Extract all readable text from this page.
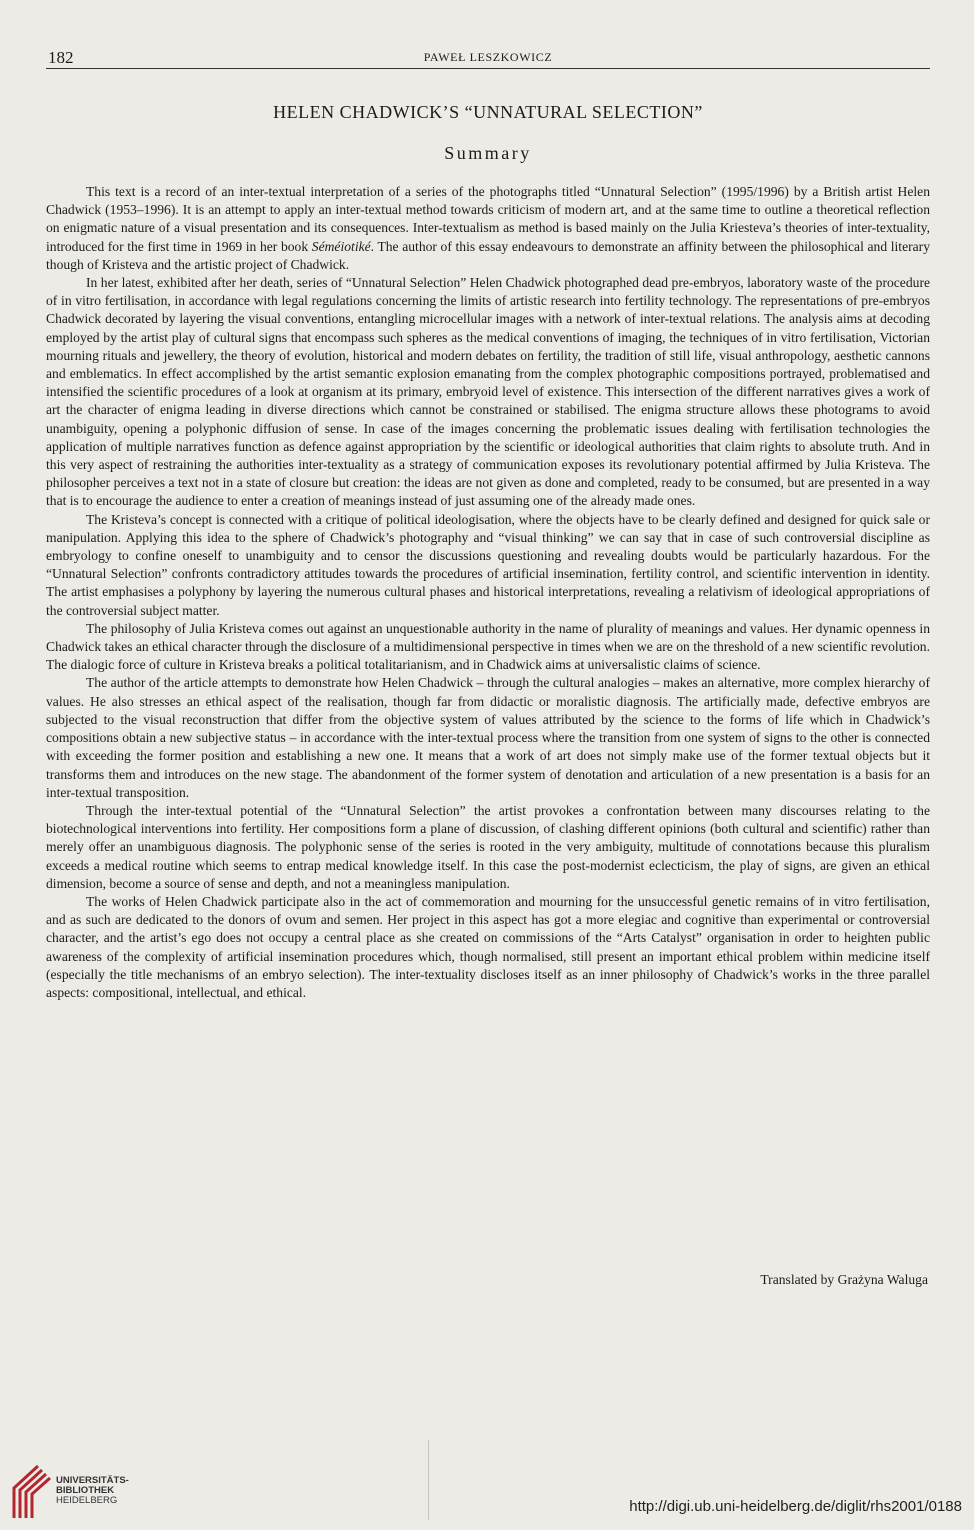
182	PAWEŁ LESZKOWICZ
HELEN CHADWICK’S “UNNATURAL SELECTION”
Summary

This text is a record of an inter-textual interpretation of a series of the photographs titled “Unnatural Selection” (1995/1996) by a British artist Helen Chadwick (1953–1996). It is an attempt to apply an inter-textual method towards criticism of modern art, and at the same time to outline a theoretical reflection on enigmatic nature of a visual presentation and its consequences. Inter-textualism as method is based mainly on the Julia Kriesteva’s theories of inter-textuality, introduced for the first time in 1969 in her book Séméiotiké. The author of this essay endeavours to demonstrate an affinity between the philosophical and literary though of Kristeva and the artistic project of Chadwick.

In her latest, exhibited after her death, series of “Unnatural Selection” Helen Chadwick photographed dead pre-embryos, laboratory waste of the procedure of in vitro fertilisation, in accordance with legal regulations concerning the limits of artistic research into fertility technology. The representations of pre-embryos Chadwick decorated by layering the visual conventions, entangling microcellular images with a network of inter-textual relations. The analysis aims at decoding employed by the artist play of cultural signs that encompass such spheres as the medical conventions of imaging, the techniques of in vitro fertilisation, Victorian mourning rituals and jewellery, the theory of evolution, historical and modern debates on fertility, the tradition of still life, visual anthropology, aesthetic cannons and emblematics. In effect accomplished by the artist semantic explosion emanating from the complex photographic compositions portrayed, problematised and intensified the scientific procedures of a look at organism at its primary, embryoid level of existence. This intersection of the different narratives gives a work of art the character of enigma leading in diverse directions which cannot be constrained or stabilised. The enigma structure allows these photograms to avoid unambiguity, opening a polyphonic diffusion of sense. In case of the images concerning the problematic issues dealing with fertilisation technologies the application of multiple narratives function as defence against appropriation by the scientific or ideological authorities that claim rights to absolute truth. And in this very aspect of restraining the authorities inter-textuality as a strategy of communication exposes its revolutionary potential affirmed by Julia Kristeva. The philosopher perceives a text not in a state of closure but creation: the ideas are not given as done and completed, ready to be consumed, but are presented in a way that is to encourage the audience to enter a creation of meanings instead of just assuming one of the already made ones.

The Kristeva’s concept is connected with a critique of political ideologisation, where the objects have to be clearly defined and designed for quick sale or manipulation. Applying this idea to the sphere of Chadwick’s photography and “visual thinking” we can say that in case of such controversial discipline as embryology to confine oneself to unambiguity and to censor the discussions questioning and revealing doubts would be particularly hazardous. For the “Unnatural Selection” confronts contradictory attitudes towards the procedures of artificial insemination, fertility control, and scientific intervention in identity. The artist emphasises a polyphony by layering the numerous cultural phases and historical interpretations, revealing a relativism of ideological appropriations of the controversial subject matter.

The philosophy of Julia Kristeva comes out against an unquestionable authority in the name of plurality of meanings and values. Her dynamic openness in Chadwick takes an ethical character through the disclosure of a multidimensional perspective in times when we are on the threshold of a new scientific revolution. The dialogic force of culture in Kristeva breaks a political totalitarianism, and in Chadwick aims at universalistic claims of science.

The author of the article attempts to demonstrate how Helen Chadwick – through the cultural analogies – makes an alternative, more complex hierarchy of values. He also stresses an ethical aspect of the realisation, though far from didactic or moralistic diagnosis. The artificially made, defective embryos are subjected to the visual reconstruction that differ from the objective system of values attributed by the science to the forms of life which in Chadwick’s compositions obtain a new subjective status – in accordance with the inter-textual process where the transition from one system of signs to the other is connected with exceeding the former position and establishing a new one. It means that a work of art does not simply make use of the former textual objects but it transforms them and introduces on the new stage. The abandonment of the former system of denotation and articulation of a new presentation is a basis for an inter-textual transposition.

Through the inter-textual potential of the “Unnatural Selection” the artist provokes a confrontation between many discourses relating to the biotechnological interventions into fertility. Her compositions form a plane of discussion, of clashing different opinions (both cultural and scientific) rather than merely offer an unambiguous diagnosis. The polyphonic sense of the series is rooted in the very ambiguity, multitude of connotations because this pluralism exceeds a medical routine which seems to entrap medical knowledge itself. In this case the post-modernist eclecticism, the play of signs, are given an ethical dimension, become a source of sense and depth, and not a meaningless manipulation.

The works of Helen Chadwick participate also in the act of commemoration and mourning for the unsuccessful genetic remains of in vitro fertilisation, and as such are dedicated to the donors of ovum and semen. Her project in this aspect has got a more elegiac and cognitive than experimental or controversial character, and the artist’s ego does not occupy a central place as she created on commissions of the “Arts Catalyst” organisation in order to heighten public awareness of the complexity of artificial insemination procedures which, though normalised, still present an important ethical problem within medicine itself (especially the title mechanisms of an embryo selection). The inter-textuality discloses itself as an inner philosophy of Chadwick’s works in the three parallel aspects: compositional, intellectual, and ethical.

Translated by Grażyna Waluga
UNIVERSITÄTS-
BIBLIOTHEK
HEIDELBERG	http://digi.ub.uni-heidelberg.de/diglit/rhs2001/0188
